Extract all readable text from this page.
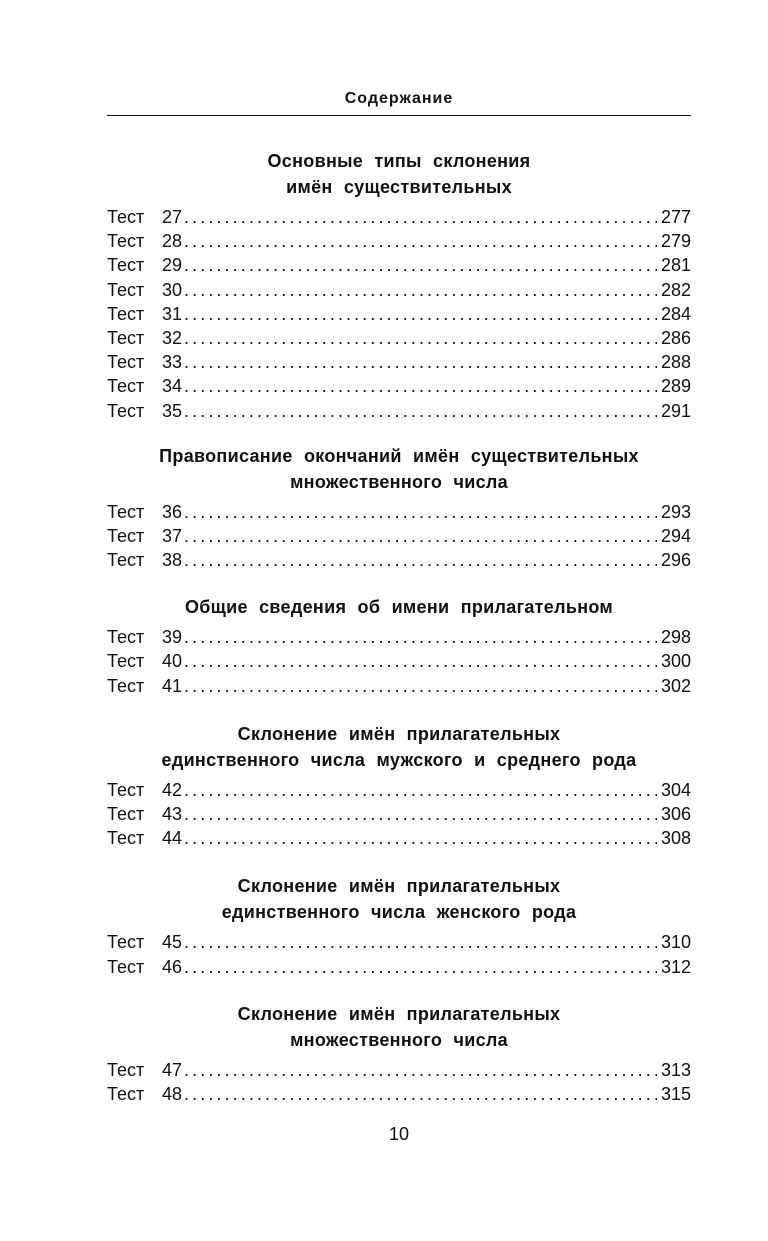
Содержание
Основные типы склонения
имён существительных
Тест 27 .....	277
Тест 28 .....	279
Тест 29 .....	281
Тест 30 .....	282
Тест 31 .....	284
Тест 32 .....	286
Тест 33 .....	288
Тест 34 .....	289
Тест 35 .....	291
Правописание окончаний имён существительных
множественного числа
Тест 36 .....	293
Тест 37 .....	294
Тест 38 .....	296
Общие сведения об имени прилагательном
Тест 39 .....	298
Тест 40 .....	300
Тест 41 .....	302
Склонение имён прилагательных
единственного числа мужского и среднего рода
Тест 42 .....	304
Тест 43 .....	306
Тест 44 .....	308
Склонение имён прилагательных
единственного числа женского рода
Тест 45 .....	310
Тест 46 .....	312
Склонение имён прилагательных
множественного числа
Тест 47 .....	313
Тест 48 .....	315
10
